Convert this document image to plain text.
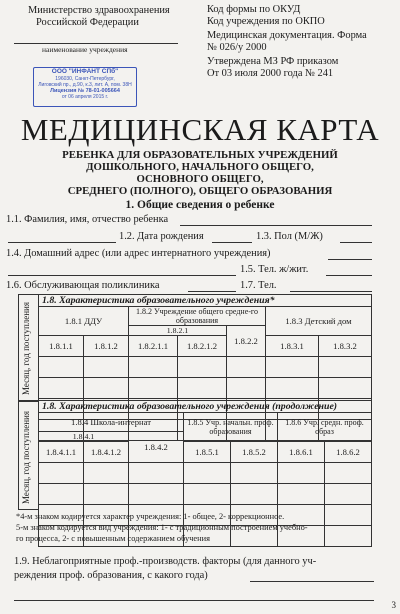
Министерство здравоохранения
Российской Федерации
наименование учреждения
ООО "ИНФАНТ СПб"
196030, Санкт-Петербург,
Лиговский пр., д.90, к.3, лит. А, пом. 38Н
Лицензия № 78-01-005664
от 06 апреля 2015 г.
Код формы по ОКУД
Код учреждения по ОКПО
Медицинская документация. Форма
№ 026/у 2000
Утверждена МЗ РФ приказом
От 03 июля 2000 года № 241
МЕДИЦИНСКАЯ КАРТА
РЕБЕНКА ДЛЯ ОБРАЗОВАТЕЛЬНЫХ УЧРЕЖДЕНИЙ
ДОШКОЛЬНОГО, НАЧАЛЬНОГО ОБЩЕГО,
ОСНОВНОГО ОБЩЕГО,
СРЕДНЕГО (ПОЛНОГО), ОБЩЕГО ОБРАЗОВАНИЯ
1. Общие сведения о ребенке
1.1. Фамилия, имя, отчество ребенка
1.2. Дата рождения	1.3. Пол (М/Ж)
1.4. Домашний адрес (или адрес интернатного учреждения)
1.5. Тел. ж/жит.
1.6. Обслуживающая поликлиника	1.7. Тел.
Месяц, год поступления
1.8. Характеристика образовательного учреждения*						
1.8.1 ДДУ		1.8.2 Учреждение общего средне-го образования			1.8.3 Детский дом	
		1.8.2.1		1.8.2.2		
1.8.1.1	1.8.1.2	1.8.2.1.1	1.8.2.1.2		1.8.3.1	1.8.3.2

Месяц, год поступления
1.8. Характеристика образовательного учреждения (продолжение)						
1.8.4 Школа-интернат			1.8.5 Учр. начальн. проф. образования		1.8.6 Учр. средн. проф. образ	
1.8.4.1		1.8.4.2				
1.8.4.1.1	1.8.4.1.2		1.8.5.1	1.8.5.2	1.8.6.1	1.8.6.2

*4-м знаком кодируется характер учреждения: 1- общее, 2- коррекционное.
5-м знаком кодируется вид учреждения: 1- с традиционным построением учебно-
го процесса, 2- с повышенным содержанием обучения
1.9. Неблагоприятные проф.-производств. факторы (для данного уч-
реждения проф. образования, с какого года)
3
